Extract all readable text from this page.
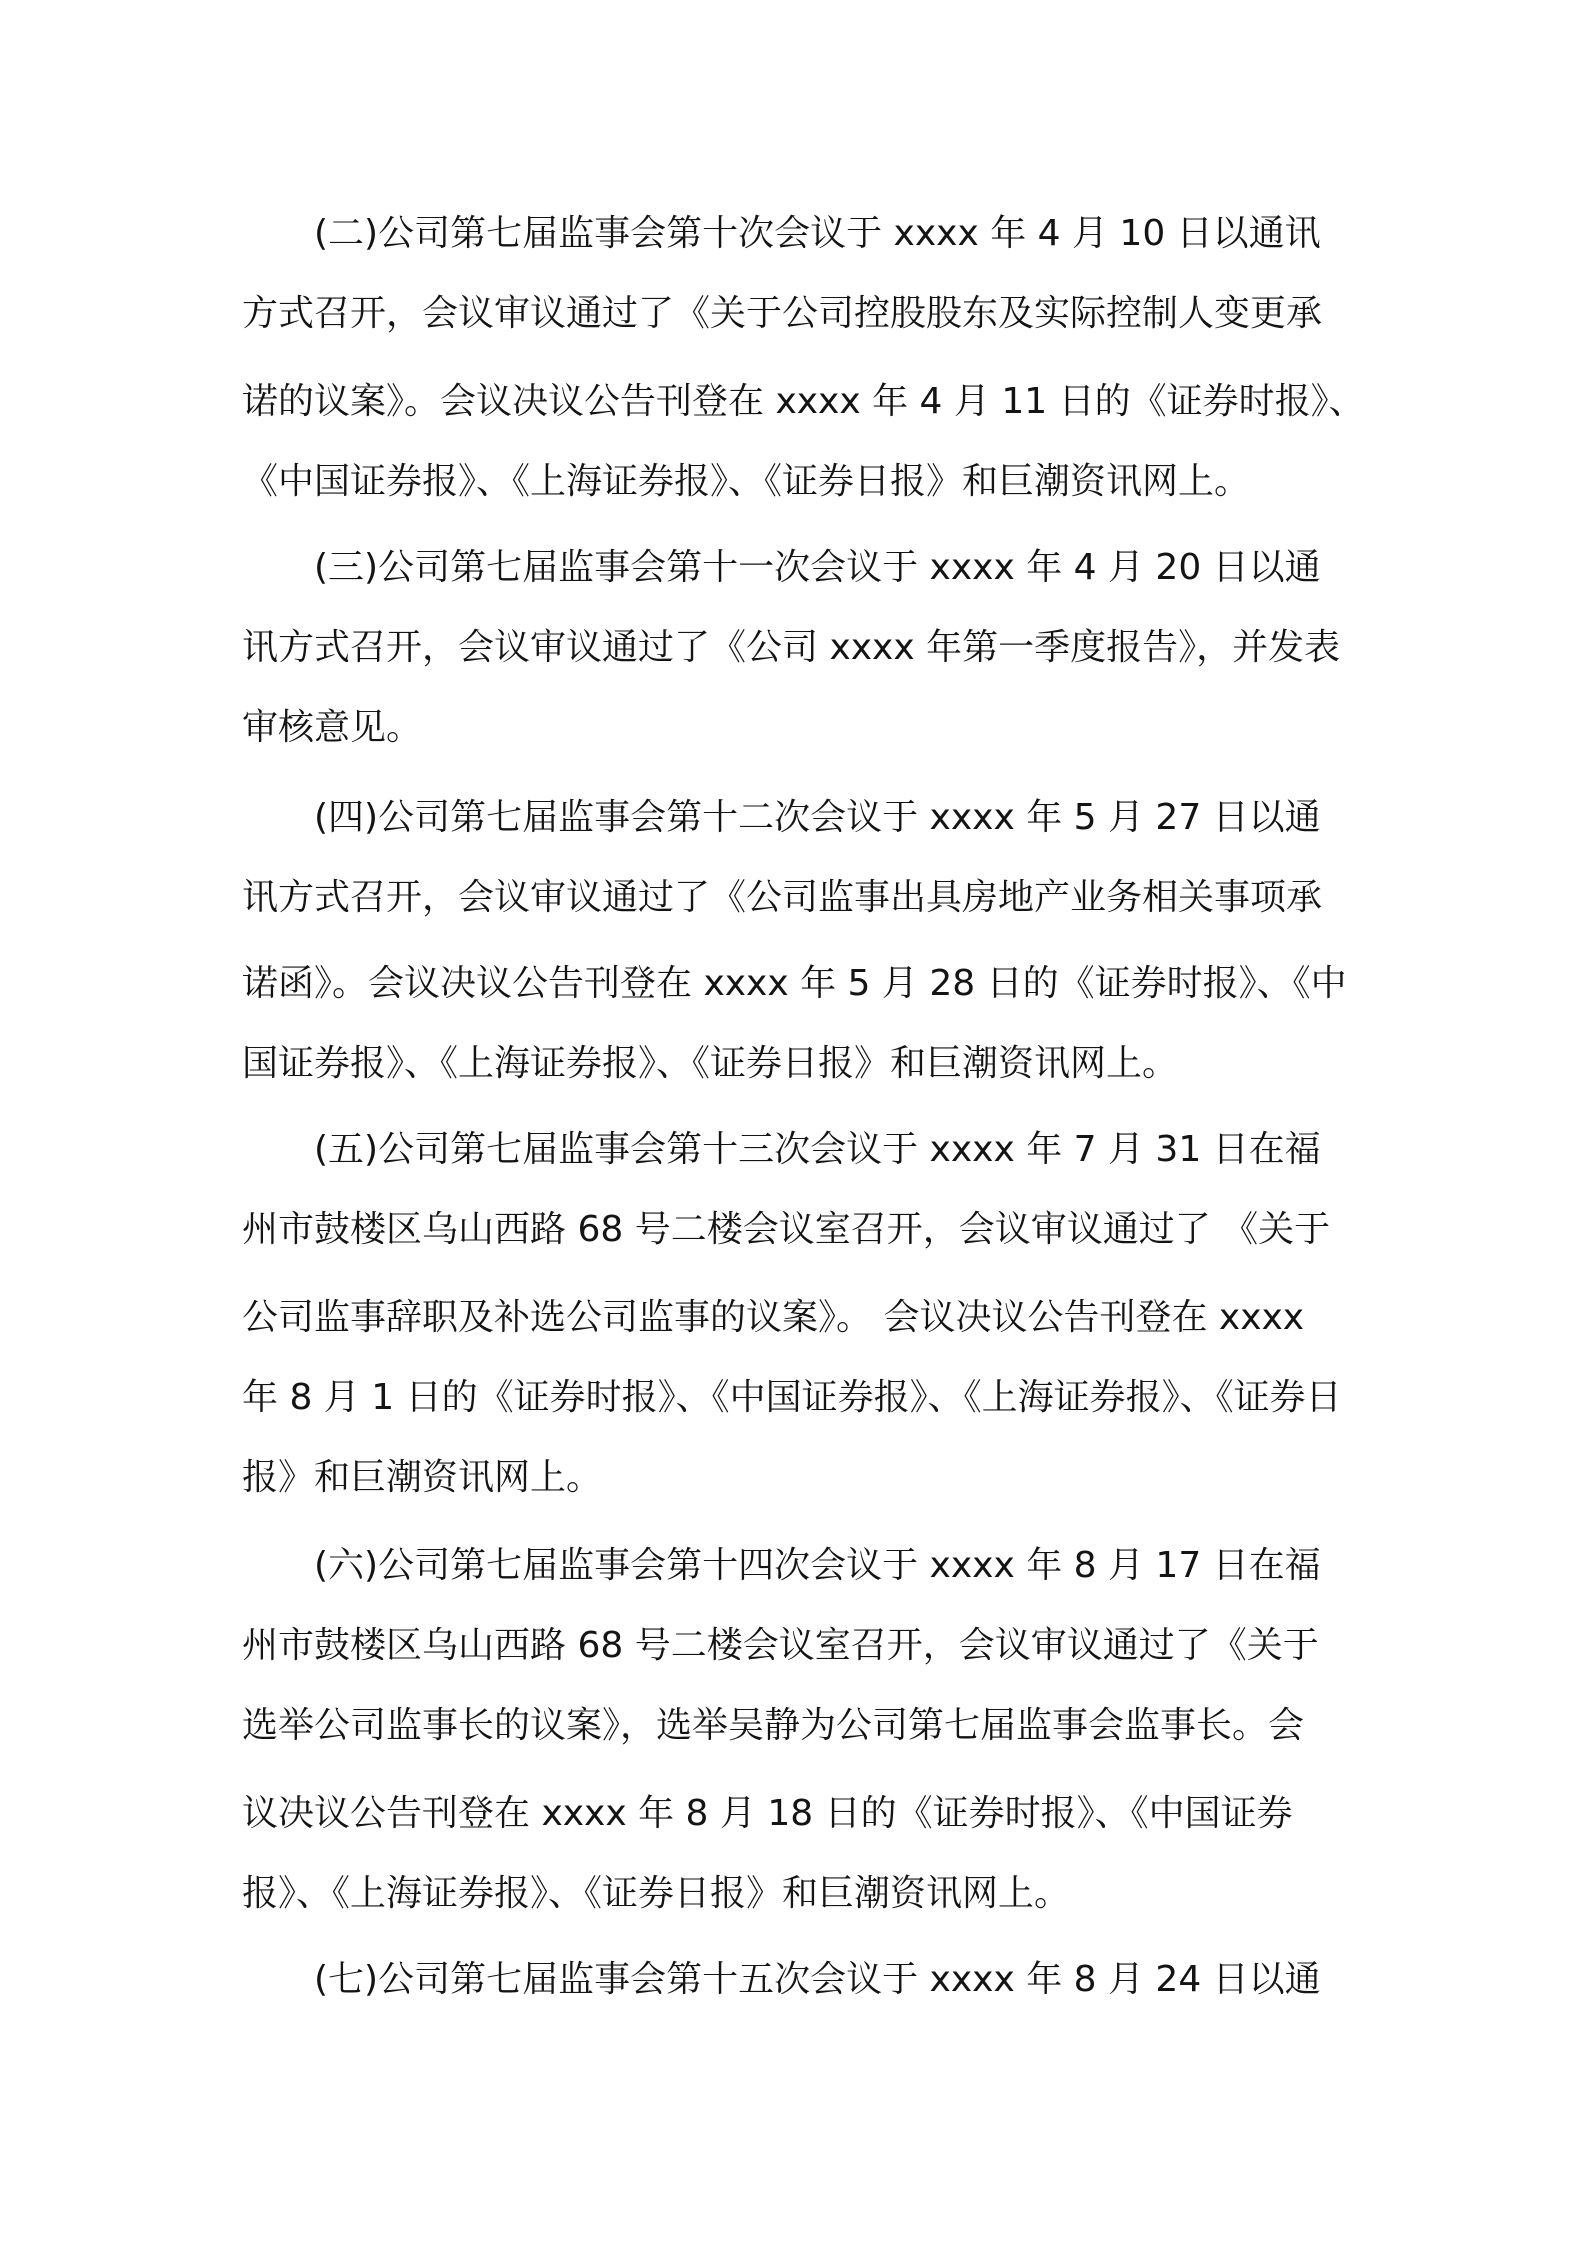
(二)公司第七届监事会第十次会议于 xxxx 年 4 月 10 日以通讯
方式召开，会议审议通过了《关于公司控股股东及实际控制人变更承
诺的议案》。会议决议公告刊登在 xxxx 年 4 月 11 日的《证券时报》、
《中国证券报》、《上海证券报》、《证券日报》和巨潮资讯网上。
(三)公司第七届监事会第十一次会议于 xxxx 年 4 月 20 日以通
讯方式召开，会议审议通过了《公司 xxxx 年第一季度报告》，并发表
审核意见。
(四)公司第七届监事会第十二次会议于 xxxx 年 5 月 27 日以通
讯方式召开，会议审议通过了《公司监事出具房地产业务相关事项承
诺函》。会议决议公告刊登在 xxxx 年 5 月 28 日的《证券时报》、《中
国证券报》、《上海证券报》、《证券日报》和巨潮资讯网上。
(五)公司第七届监事会第十三次会议于 xxxx 年 7 月 31 日在福
州市鼓楼区乌山西路 68 号二楼会议室召开，会议审议通过了 《关于
公司监事辞职及补选公司监事的议案》。 会议决议公告刊登在 xxxx
年 8 月 1 日的《证券时报》、《中国证券报》、《上海证券报》、《证券日
报》和巨潮资讯网上。
(六)公司第七届监事会第十四次会议于 xxxx 年 8 月 17 日在福
州市鼓楼区乌山西路 68 号二楼会议室召开，会议审议通过了《关于
选举公司监事长的议案》，选举吴静为公司第七届监事会监事长。会
议决议公告刊登在 xxxx 年 8 月 18 日的《证券时报》、《中国证券
报》、《上海证券报》、《证券日报》和巨潮资讯网上。
(七)公司第七届监事会第十五次会议于 xxxx 年 8 月 24 日以通
